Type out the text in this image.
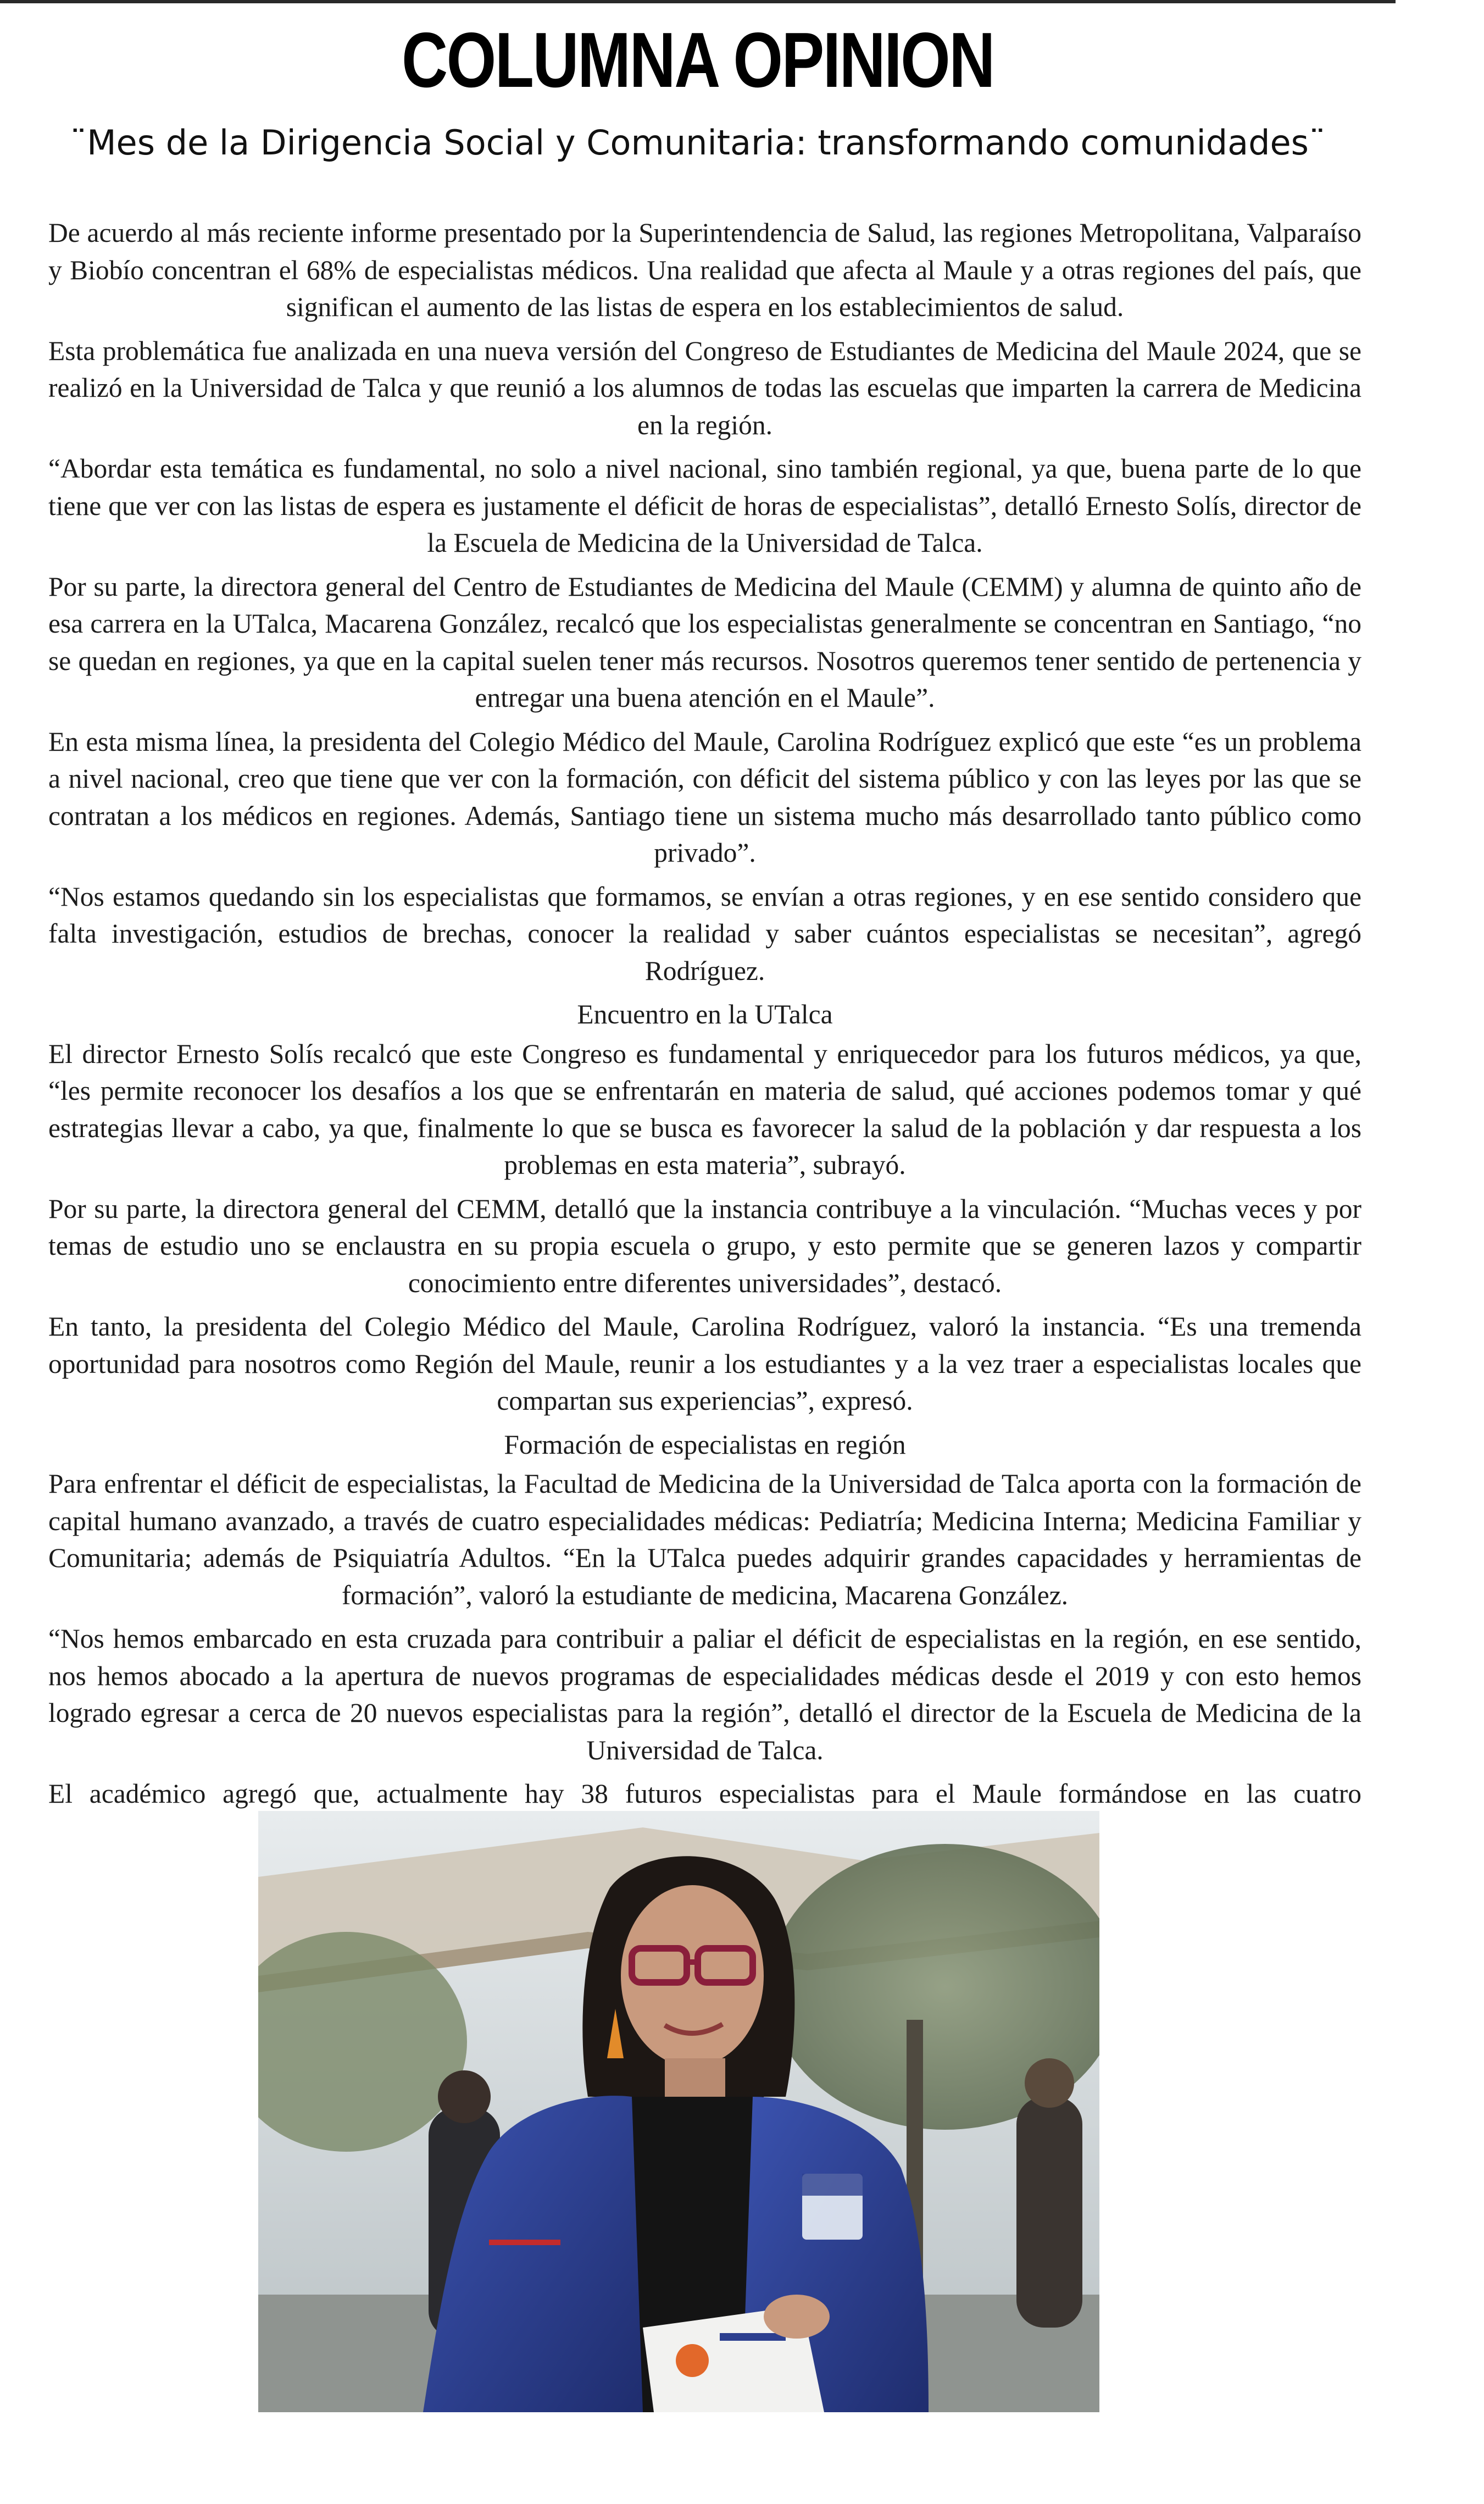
COLUMNA OPINION
¨Mes de la Dirigencia Social y Comunitaria: transformando comunidades¨

De acuerdo al más reciente informe presentado por la Superintendencia de Salud, las regiones Metropolitana, Valparaíso y Biobío concentran el 68% de especialistas médicos. Una realidad que afecta al Maule y a otras regiones del país, que significan el aumento de las listas de espera en los establecimientos de salud.

Esta problemática fue analizada en una nueva versión del Congreso de Estudiantes de Medicina del Maule 2024, que se realizó en la Universidad de Talca y que reunió a los alumnos de todas las escuelas que imparten la carrera de Medicina en la región.

“Abordar esta temática es fundamental, no solo a nivel nacional, sino también regional, ya que, buena parte de lo que tiene que ver con las listas de espera es justamente el déficit de horas de especialistas”, detalló Ernesto Solís, director de la Escuela de Medicina de la Universidad de Talca.

Por su parte, la directora general del Centro de Estudiantes de Medicina del Maule (CEMM) y alumna de quinto año de esa carrera en la UTalca, Macarena González, recalcó que los especialistas generalmente se concentran en Santiago, “no se quedan en regiones, ya que en la capital suelen tener más recursos. Nosotros queremos tener sentido de pertenencia y entregar una buena atención en el Maule”.

En esta misma línea, la presidenta del Colegio Médico del Maule, Carolina Rodríguez explicó que este “es un problema a nivel nacional, creo que tiene que ver con la formación, con déficit del sistema público y con las leyes por las que se contratan a los médicos en regiones. Además, Santiago tiene un sistema mucho más desarrollado tanto público como privado”.

“Nos estamos quedando sin los especialistas que formamos, se envían a otras regiones, y en ese sentido considero que falta investigación, estudios de brechas, conocer la realidad y saber cuántos especialistas se necesitan”, agregó Rodríguez.

Encuentro en la UTalca

El director Ernesto Solís recalcó que este Congreso es fundamental y enriquecedor para los futuros médicos, ya que, “les permite reconocer los desafíos a los que se enfrentarán en materia de salud, qué acciones podemos tomar y qué estrategias llevar a cabo, ya que, finalmente lo que se busca es favorecer la salud de la población y dar respuesta a los problemas en esta materia”, subrayó.

Por su parte, la directora general del CEMM, detalló que la instancia contribuye a la vinculación. “Muchas veces y por temas de estudio uno se enclaustra en su propia escuela o grupo, y esto permite que se generen lazos y compartir conocimiento entre diferentes universidades”, destacó.

En tanto, la presidenta del Colegio Médico del Maule, Carolina Rodríguez, valoró la instancia. “Es una tremenda oportunidad para nosotros como Región del Maule, reunir a los estudiantes y a la vez traer a especialistas locales que compartan sus experiencias”, expresó.

Formación de especialistas en región

Para enfrentar el déficit de especialistas, la Facultad de Medicina de la Universidad de Talca aporta con la formación de capital humano avanzado, a través de cuatro especialidades médicas: Pediatría; Medicina Interna; Medicina Familiar y Comunitaria; además de Psiquiatría Adultos. “En la UTalca puedes adquirir grandes capacidades y herramientas de formación”, valoró la estudiante de medicina, Macarena González.

“Nos hemos embarcado en esta cruzada para contribuir a paliar el déficit de especialistas en la región, en ese sentido, nos hemos abocado a la apertura de nuevos programas de especialidades médicas desde el 2019 y con esto hemos logrado egresar a cerca de 20 nuevos especialistas para la región”, detalló el director de la Escuela de Medicina de la Universidad de Talca.

El académico agregó que, actualmente hay 38 futuros especialistas para el Maule formándose en las cuatro
